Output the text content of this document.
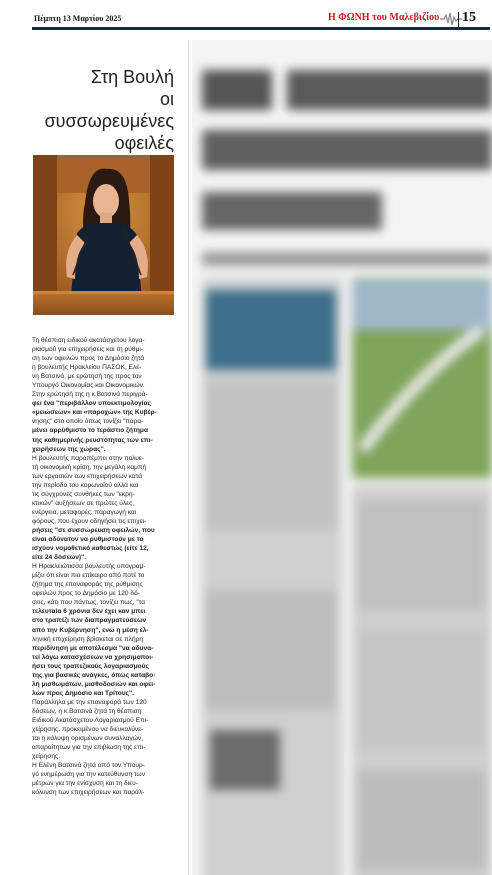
Πέμπτη 13 Μαρτίου 2025	Η ΦΩΝΗ του Μαλεβιζίου 15
Στη Βουλή
οι συσσωρευμένες
οφειλές

Τη θέσπιση ειδικού ακατάσχετου λογα-

ριασμού για επιχειρήσεις και τη ρύθμι-

ση των οφειλών προς το Δημόσιο ζητά

η βουλευτής Ηρακλείου ΠΑΣΟΚ, Ελέ-

νη Βατσινά, με ερώτησή της προς τον

Υπουργό Οικονομίας και Οικονομικών.

Στην ερώτησή της η κ.Βατσινά περιγρά-

φει ένα "περιβάλλον υποεκτιμολογίας

«μειώσεων» και «παροχών» της Κυβέρ-

νησης" στο οποίο όπως τονίζει "παρα-

μένει αρρύθμιστο το τεράστιο ζήτημα

της καθημερινής ρευστότητας των επι-

χειρήσεων της χώρας".

Η βουλευτής παραπέμπει στην πολυε-

τή οικονομική κρίση, την μεγάλη καμπή

των εργασιών των επιχειρήσεων κατά

την περίοδο του κορωνοϊού αλλά και

τις σύγχρονες συνθήκες των "εκρη-

κτικών" αυξήσεων σε πρώτες ύλες,

ενέργεια, μεταφορές, παραγωγή και

φόρους, που έχουν οδηγήσει τις επιχει-

ρήσεις "σε συσσώρευση οφειλών, που

είναι αδύνατον να ρυθμιστούν με το

ισχύον νομοθετικό καθεστώς (είτε 12,

είτε 24 δόσεων)".

Η Ηρακλειώτισσα βουλευτής υπογραμ-

μίζει ότι είναι πιο επίκαιρο από ποτέ το

ζήτημα της επαναφοράς της ρύθμισης

οφειλών προς το Δημόσιο με 120 δό-

σεις, κάτι που πάντως, τονίζει πως, "τα

τελευταία 6 χρόνια δεν έχει καν μπει

στο τραπέζι των διαπραγματεύσεων

από την Κυβέρνηση", ενώ η μέση ελ-

ληνική επιχείρηση βρίσκεται σε πλήρη

περιδίνηση με αποτέλεσμα "να αδυνα-

τεί λόγω κατασχέσεων να χρησιμοποι-

ήσει τους τραπεζικούς λογαριασμούς

της για βασικές ανάγκες, όπως καταβο-

λή μισθωμάτων, μισθοδοσιών και οφει-

λών προς Δημόσιο και Τρίτους".

Παράλληλα με την επαναφορά των 120

δόσεων, η κ.Βατσινά ζητά τη θέσπιση

Ειδικού Ακατάσχετου Λογαριασμού Επι-

χείρησης, προκειμένου να διευκολύνε-

ται η κάλυψη ορισμένων συναλλαγών,

απαραίτητων για την επιβίωση της επι-

χείρησης.

Η Ελένη Βατσινά ζητά από τον Υπουρ-

γό ενημέρωση για την κατεύθυνση των

μέτρων για την ενίσχυση και τη διευ-

κόλυνση των επιχειρήσεων και παράλ-
